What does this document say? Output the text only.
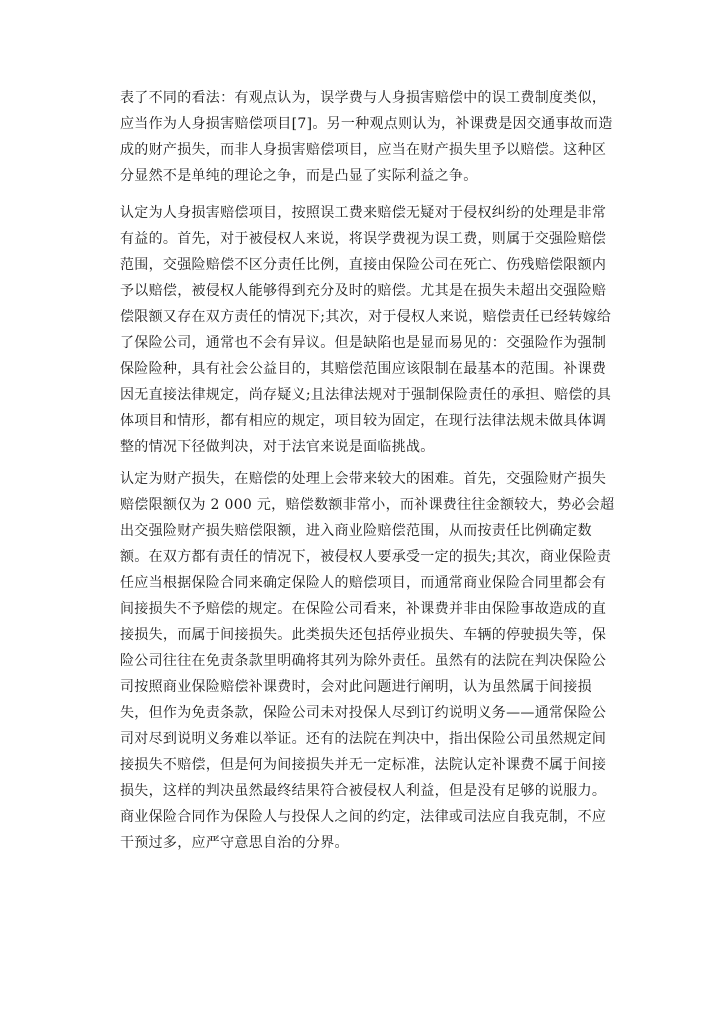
表了不同的看法：有观点认为，误学费与人身损害赔偿中的误工费制度类似，
应当作为人身损害赔偿项目[7]。另一种观点则认为，补课费是因交通事故而造
成的财产损失，而非人身损害赔偿项目，应当在财产损失里予以赔偿。这种区
分显然不是单纯的理论之争，而是凸显了实际利益之争。
认定为人身损害赔偿项目，按照误工费来赔偿无疑对于侵权纠纷的处理是非常
有益的。首先，对于被侵权人来说，将误学费视为误工费，则属于交强险赔偿
范围，交强险赔偿不区分责任比例，直接由保险公司在死亡、伤残赔偿限额内
予以赔偿，被侵权人能够得到充分及时的赔偿。尤其是在损失未超出交强险赔
偿限额又存在双方责任的情况下;其次，对于侵权人来说，赔偿责任已经转嫁给
了保险公司，通常也不会有异议。但是缺陷也是显而易见的：交强险作为强制
保险险种，具有社会公益目的，其赔偿范围应该限制在最基本的范围。补课费
因无直接法律规定，尚存疑义;且法律法规对于强制保险责任的承担、赔偿的具
体项目和情形，都有相应的规定，项目较为固定，在现行法律法规未做具体调
整的情况下径做判决，对于法官来说是面临挑战。
认定为财产损失，在赔偿的处理上会带来较大的困难。首先，交强险财产损失
赔偿限额仅为 2 000 元，赔偿数额非常小，而补课费往往金额较大，势必会超
出交强险财产损失赔偿限额，进入商业险赔偿范围，从而按责任比例确定数
额。在双方都有责任的情况下，被侵权人要承受一定的损失;其次，商业保险责
任应当根据保险合同来确定保险人的赔偿项目，而通常商业保险合同里都会有
间接损失不予赔偿的规定。在保险公司看来，补课费并非由保险事故造成的直
接损失，而属于间接损失。此类损失还包括停业损失、车辆的停驶损失等，保
险公司往往在免责条款里明确将其列为除外责任。虽然有的法院在判决保险公
司按照商业保险赔偿补课费时，会对此问题进行阐明，认为虽然属于间接损
失，但作为免责条款，保险公司未对投保人尽到订约说明义务——通常保险公
司对尽到说明义务难以举证。还有的法院在判决中，指出保险公司虽然规定间
接损失不赔偿，但是何为间接损失并无一定标准，法院认定补课费不属于间接
损失，这样的判决虽然最终结果符合被侵权人利益，但是没有足够的说服力。
商业保险合同作为保险人与投保人之间的约定，法律或司法应自我克制，不应
干预过多，应严守意思自治的分界。
